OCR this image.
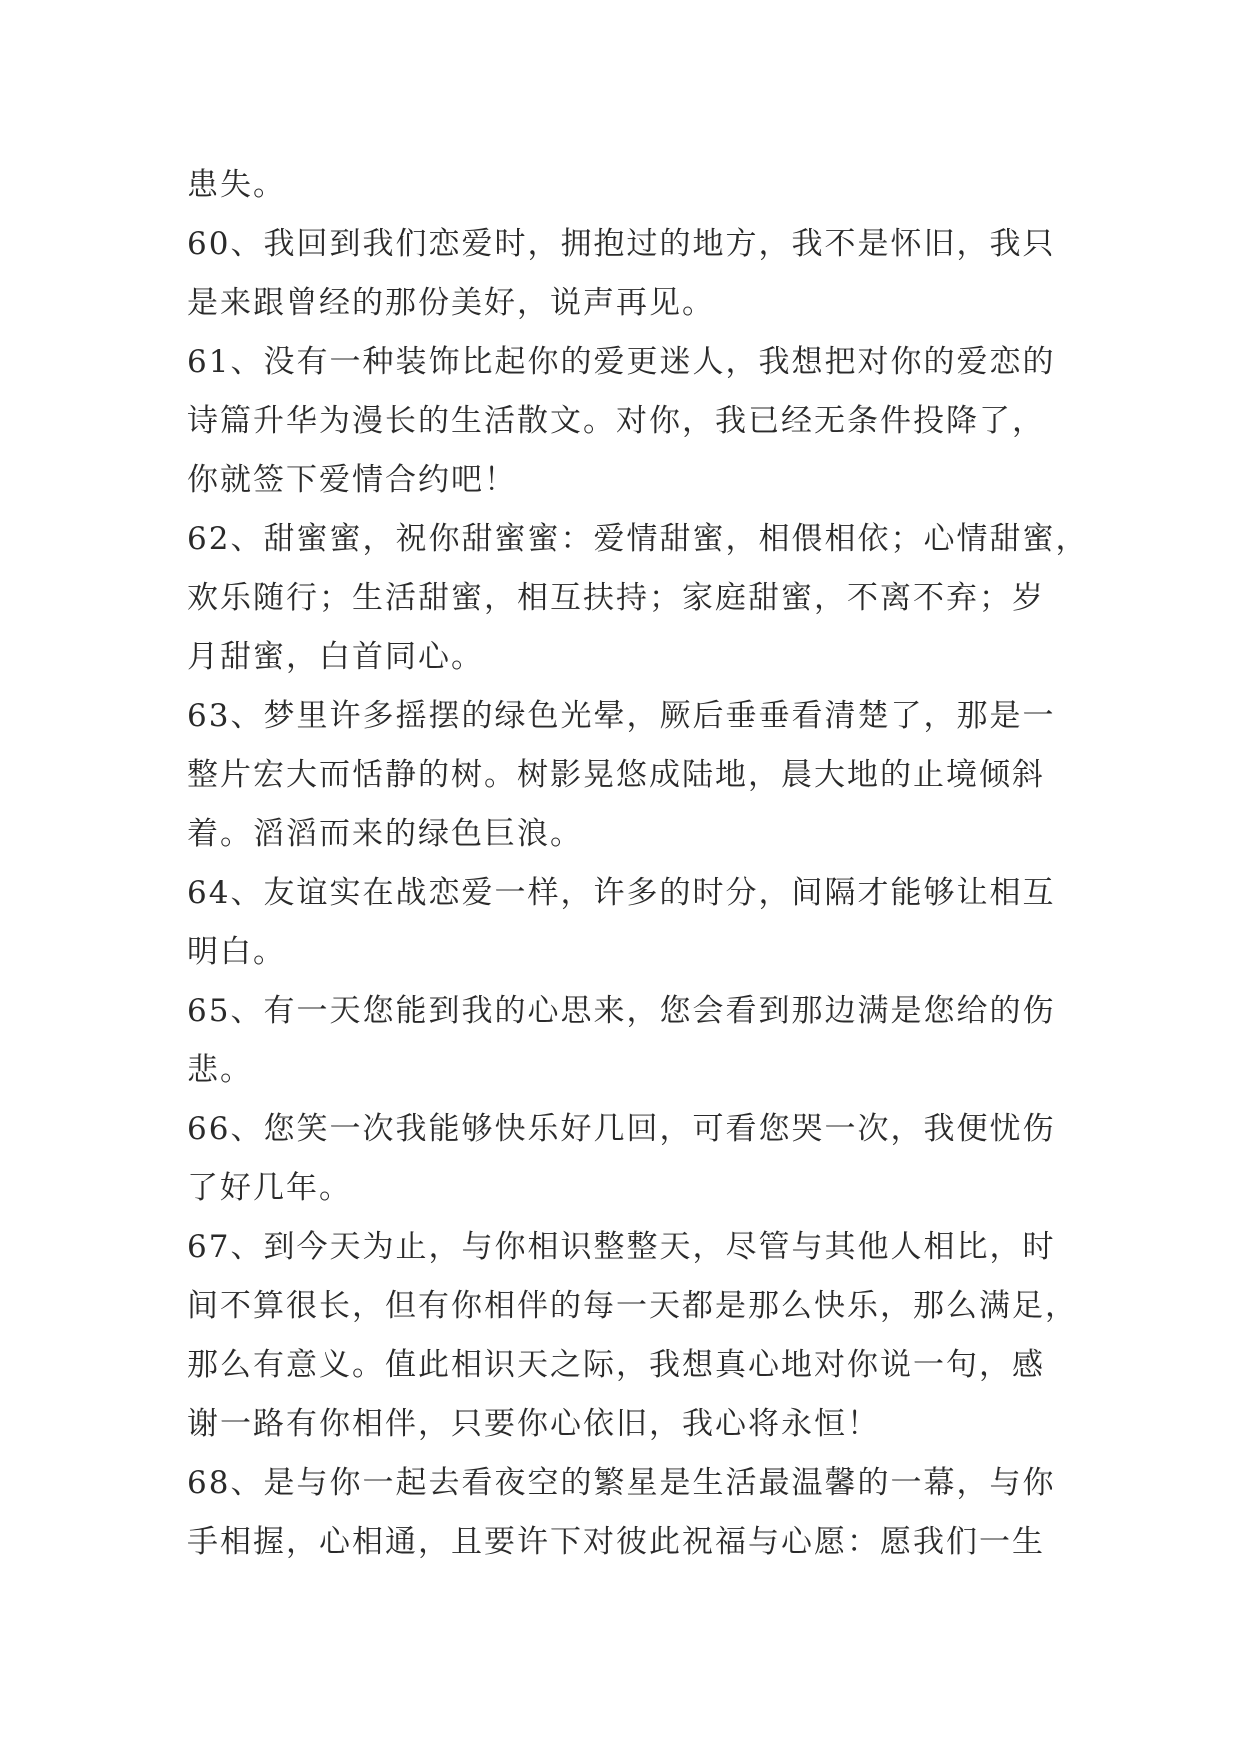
患失。
60、我回到我们恋爱时，拥抱过的地方，我不是怀旧，我只
是来跟曾经的那份美好，说声再见。
61、没有一种装饰比起你的爱更迷人，我想把对你的爱恋的
诗篇升华为漫长的生活散文。对你，我已经无条件投降了，
你就签下爱情合约吧！
62、甜蜜蜜，祝你甜蜜蜜：爱情甜蜜，相偎相依；心情甜蜜，
欢乐随行；生活甜蜜，相互扶持；家庭甜蜜，不离不弃；岁
月甜蜜，白首同心。
63、梦里许多摇摆的绿色光晕，厥后垂垂看清楚了，那是一
整片宏大而恬静的树。树影晃悠成陆地，晨大地的止境倾斜
着。滔滔而来的绿色巨浪。
64、友谊实在战恋爱一样，许多的时分，间隔才能够让相互
明白。
65、有一天您能到我的心思来，您会看到那边满是您给的伤
悲。
66、您笑一次我能够快乐好几回，可看您哭一次，我便忧伤
了好几年。
67、到今天为止，与你相识整整天，尽管与其他人相比，时
间不算很长，但有你相伴的每一天都是那么快乐，那么满足，
那么有意义。值此相识天之际，我想真心地对你说一句，感
谢一路有你相伴，只要你心依旧，我心将永恒！
68、是与你一起去看夜空的繁星是生活最温馨的一幕，与你
手相握，心相通，且要许下对彼此祝福与心愿：愿我们一生
